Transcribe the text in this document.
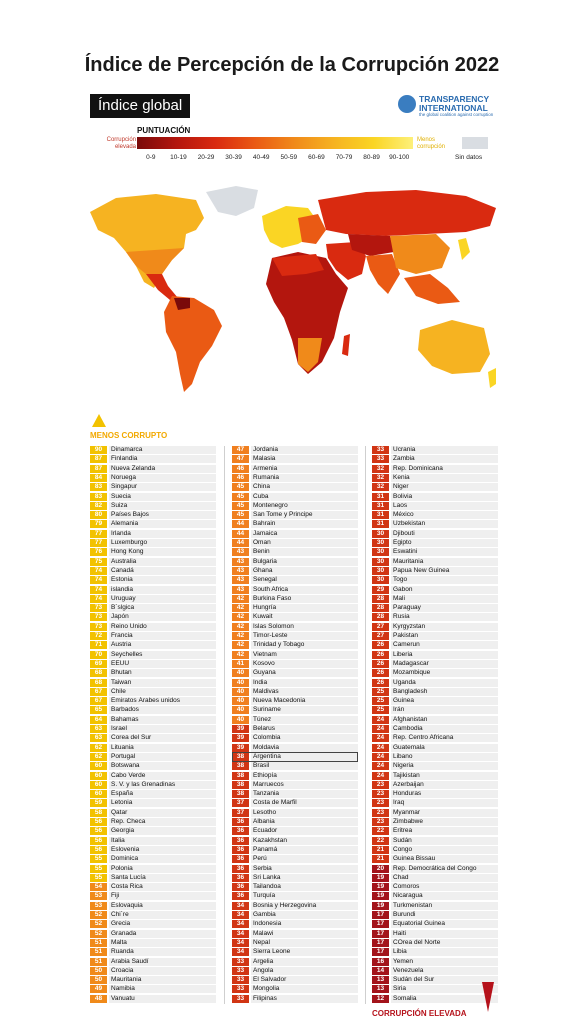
Índice de Percepción de la Corrupción 2022
Índice global	TRANSPARENCY
INTERNATIONAL
the global coalition against corruption
PUNTUACIÓN
Corrupción elevada
Menos corrupción
0-9 10-19 20-29 30-39 40-49 50-59 60-69 70-79 80-89 90-100	Sin datos
MENOS CORRUPTO
90	Dinamarca
87	Finlandia
87	Nueva Zelanda
84	Noruega
83	Singapur
83	Suecia
82	Suiza
80	Países Bajos
79	Alemania
77	Irlanda
77	Luxemburgo
76	Hong Kong
75	Australia
74	Canadá
74	Estonia
74	islandia
74	Uruguay
73	B´slgica
73	Japón
73	Reino Unido
72	Francia
71	Austria
70	Seychelles
69	EEUU
68	Bhutan
68	Taiwan
67	Chile
67	Emiratos Árabes unidos
65	Barbados
64	Bahamas
63	Israel
63	Corea del Sur
62	Lituania
62	Portugal
60	Botswana
60	Cabo Verde
60	S. V. y las Grenadinas
60	España
59	Letonia
58	Qatar
56	Rep. Checa
56	Georgia
56	Italia
56	Eslovenia
55	Dominica
55	Polonia
55	Santa Lucía
54	Costa Rica
53	Fiji
53	Eslovaquia
52	Chi´re
52	Grecia
52	Granada
51	Malta
51	Ruanda
51	Arabia Saudí
50	Croacia
50	Mauritania
49	Namibia
48	Vanuatu
47	Jordania
47	Malasia
46	Armenia
46	Rumania
45	China
45	Cuba
45	Montenegro
45	San Tome y Principe
44	Bahrain
44	Jamaica
44	Oman
43	Benin
43	Bulgaria
43	Ghana
43	Senegal
43	South Africa
42	Burkina Faso
42	Hungría
42	Kuwait
42	Islas Solomon
42	Timor-Leste
42	Trinidad y Tobago
42	Vietnam
41	Kosovo
40	Guyana
40	India
40	Maldivas
40	Nueva Macedonia
40	Suriname
40	Túnez
39	Belarus
39	Colombia
39	Moldavia
38	Argentina
38	Brasil
38	Ethiopía
38	Marruecos
38	Tanzania
37	Costa de Marfil
37	Lesotho
36	Albania
36	Ecuador
36	Kazakhstan
36	Panamá
36	Perú
36	Serbia
36	Sri Lanka
36	Tailandoa
36	Turquía
34	Bosnia y Herzegovina
34	Gambia
34	Indonesia
34	Malawi
34	Nepal
34	Sierra Leone
33	Argelia
33	Angola
33	El Salvador
33	Mongolia
33	Filipinas
33	Ucrania
33	Zambia
32	Rep. Dominicana
32	Kenia
32	Niger
31	Bolivia
31	Laos
31	México
31	Uzbekistan
30	Djibouti
30	Egipto
30	Eswatini
30	Mauritania
30	Papua New Guinea
30	Togo
29	Gabon
28	Mali
28	Paraguay
28	Rusia
27	Kyrgyzstan
27	Pakistan
26	Camerun
26	Liberia
26	Madagascar
26	Mozambique
26	Uganda
25	Bangladesh
25	Guinea
25	Irán
24	Afghanistan
24	Cambodia
24	Rep. Centro Africana
24	Guatemala
24	Libano
24	Nigeria
24	Tajikistan
23	Azerbaijan
23	Honduras
23	Iraq
23	Myanmar
23	Zimbabwe
22	Eritrea
22	Sudán
21	Congo
21	Guinea Bissau
20	Rep. Democrática del Congo
19	Chad
19	Comoros
19	Nicaragua
19	Turkmenistan
17	Burundi
17	Equatorial Guinea
17	Haiti
17	COrea del Norte
17	Libia
16	Yemen
14	Venezuela
13	Sudán del Sur
13	Siria
12	Somalia
CORRUPCIÓN ELEVADA
